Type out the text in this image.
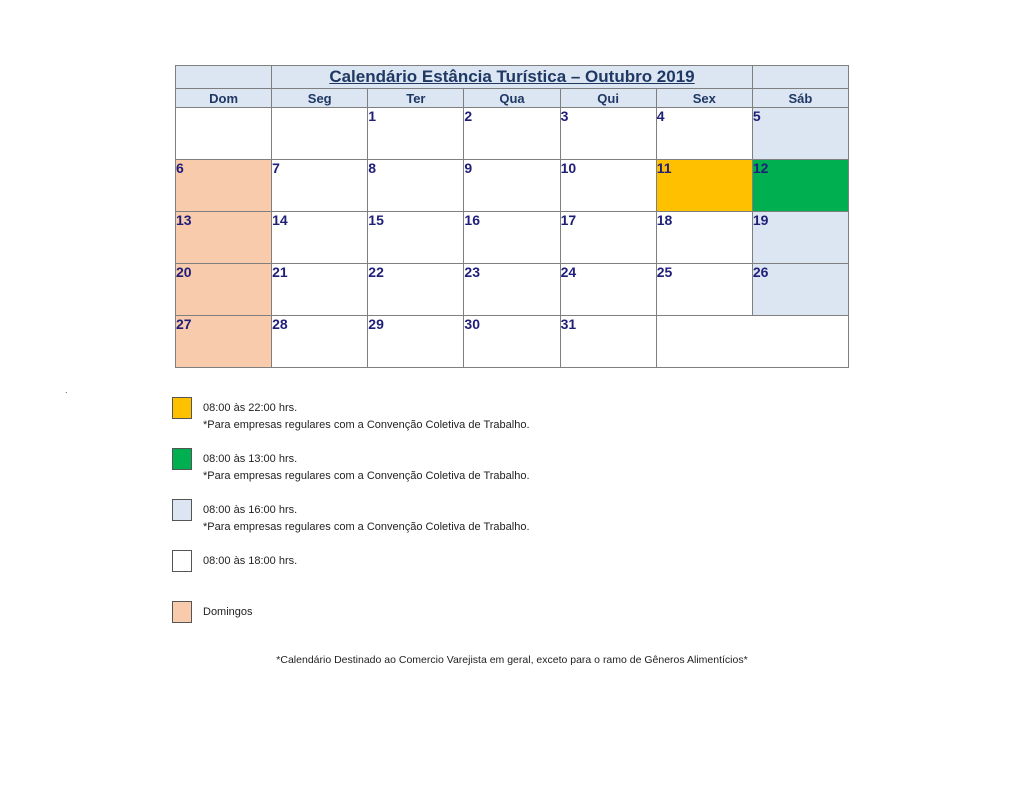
	Calendário Estância Turística – Outubro 2019					
Dom	Seg	Ter	Qua	Qui	Sex	Sáb
		1	2	3	4	5
6	7	8	9	10	11	12
13	14	15	16	17	18	19
20	21	22	23	24	25	26
27	28	29	30	31		
.
08:00 às 22:00 hrs.
*Para empresas regulares com a Convenção Coletiva de Trabalho.
08:00 às 13:00 hrs.
*Para empresas regulares com a Convenção Coletiva de Trabalho.
08:00 às 16:00 hrs.
*Para empresas regulares com a Convenção Coletiva de Trabalho.
08:00 às 18:00 hrs.
Domingos
*Calendário Destinado ao Comercio Varejista em geral, exceto para o ramo de Gêneros Alimentícios*
